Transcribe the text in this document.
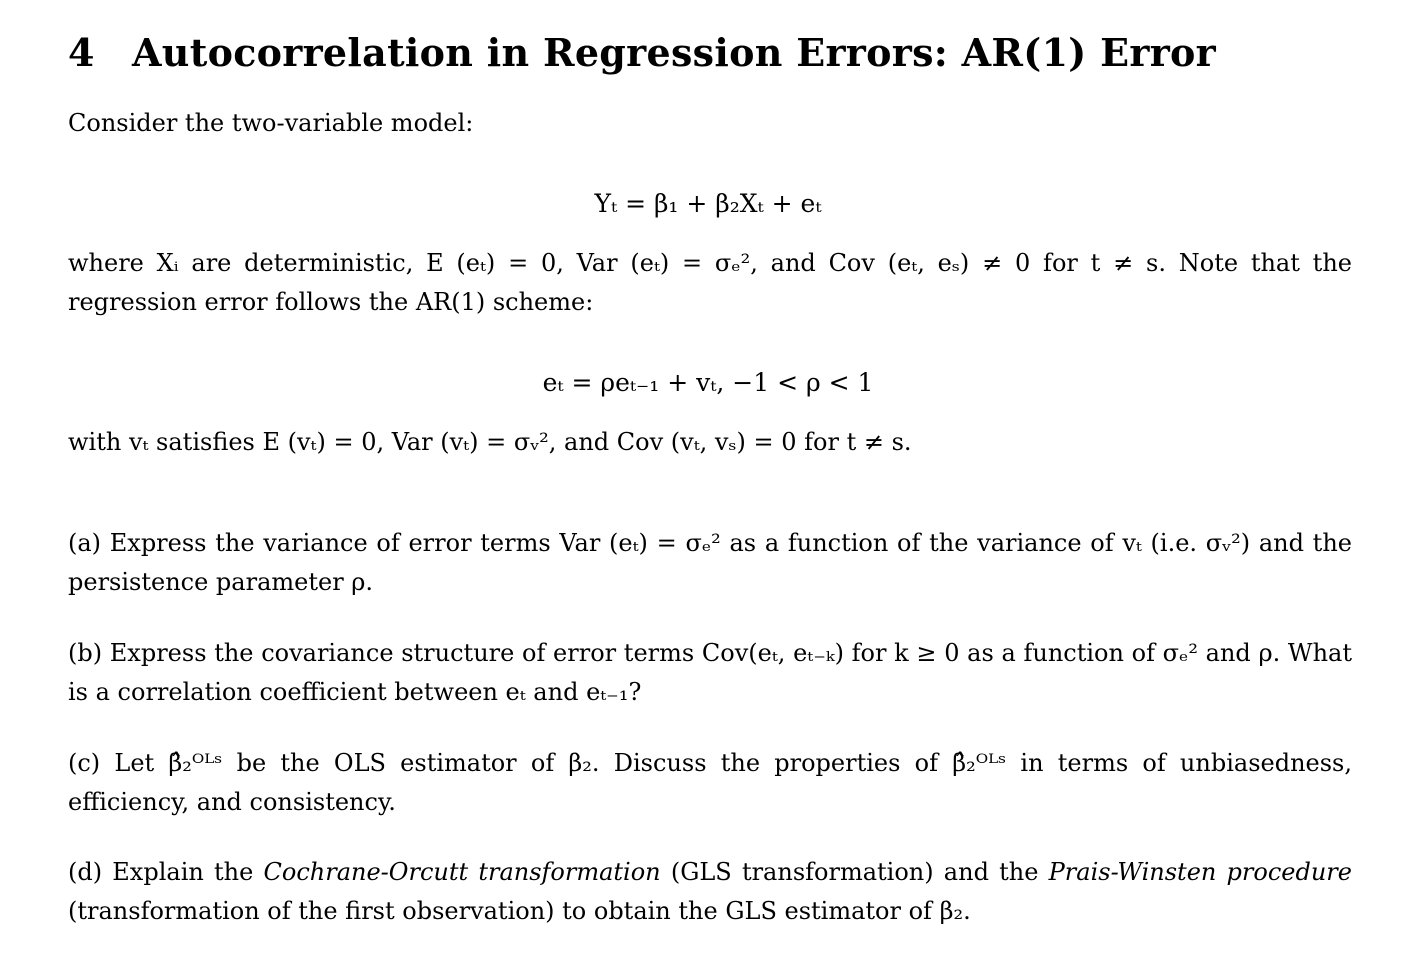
4 Autocorrelation in Regression Errors: AR(1) Error
Consider the two-variable model:
Yₜ = β₁ + β₂Xₜ + eₜ
where Xᵢ are deterministic, E (eₜ) = 0, Var (eₜ) = σₑ², and Cov (eₜ, eₛ) ≠ 0 for t ≠ s. Note that the regression error follows the AR(1) scheme:
eₜ = ρeₜ₋₁ + vₜ, −1 < ρ < 1
with vₜ satisfies E (vₜ) = 0, Var (vₜ) = σᵥ², and Cov (vₜ, vₛ) = 0 for t ≠ s.
(a) Express the variance of error terms Var (eₜ) = σₑ² as a function of the variance of vₜ (i.e. σᵥ²) and the persistence parameter ρ.
(b) Express the covariance structure of error terms Cov(eₜ, eₜ₋ₖ) for k ≥ 0 as a function of σₑ² and ρ. What is a correlation coefficient between eₜ and eₜ₋₁?
(c) Let β̂₂ᴼᴸˢ be the OLS estimator of β₂. Discuss the properties of β̂₂ᴼᴸˢ in terms of unbiasedness, efficiency, and consistency.
(d) Explain the Cochrane-Orcutt transformation (GLS transformation) and the Prais-Winsten procedure (transformation of the first observation) to obtain the GLS estimator of β₂.
